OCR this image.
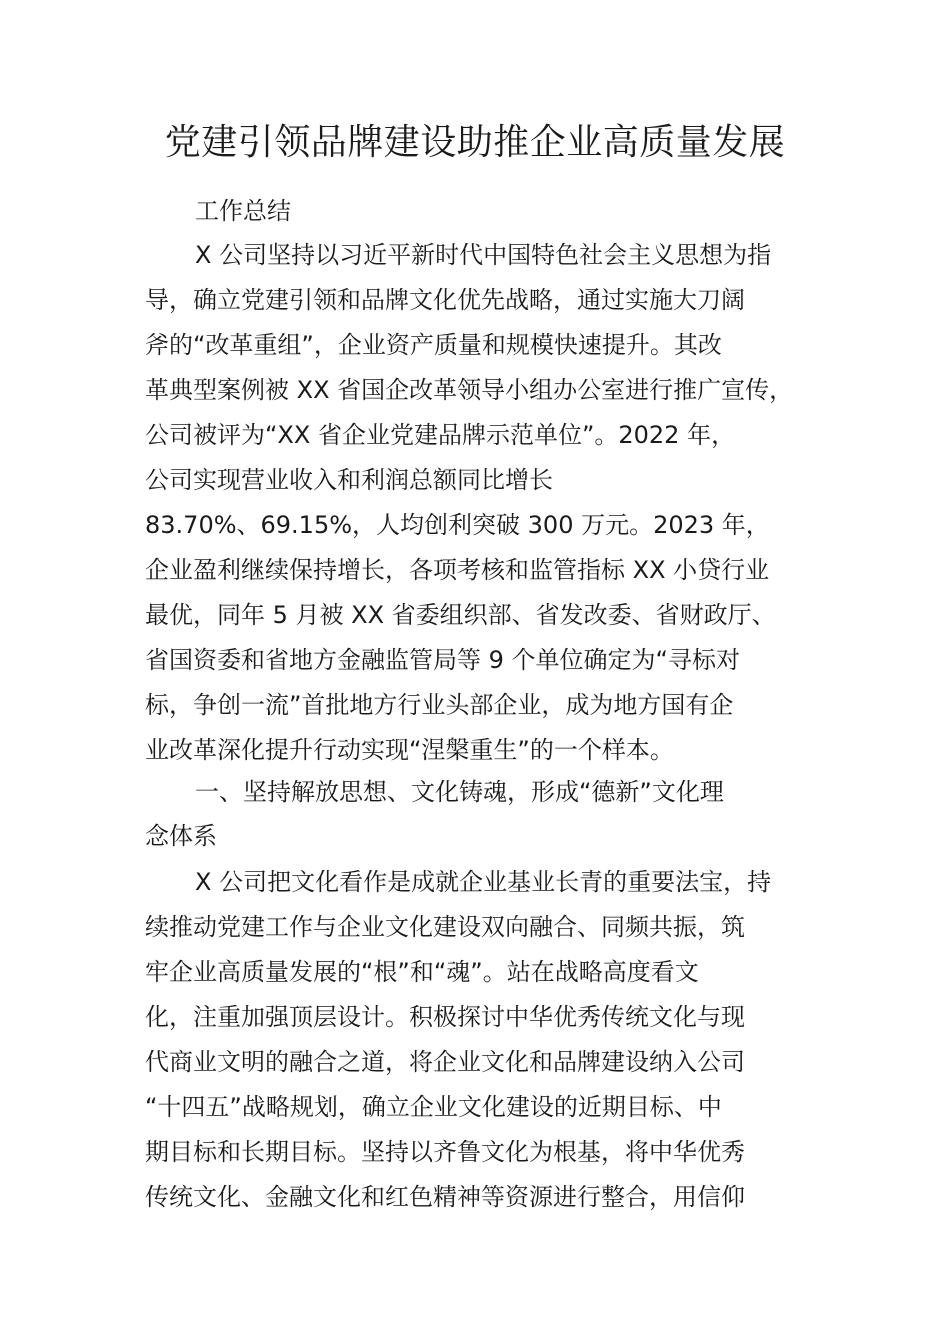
党建引领品牌建设助推企业高质量发展

工作总结

X 公司坚持以习近平新时代中国特色社会主义思想为指

导，确立党建引领和品牌文化优先战略，通过实施大刀阔

斧的“改革重组”，企业资产质量和规模快速提升。其改

革典型案例被 XX 省国企改革领导小组办公室进行推广宣传，

公司被评为“XX 省企业党建品牌示范单位”。2022 年，

公司实现营业收入和利润总额同比增长

83.70%、69.15%，人均创利突破 300 万元。2023 年，

企业盈利继续保持增长，各项考核和监管指标 XX 小贷行业

最优，同年 5 月被 XX 省委组织部、省发改委、省财政厅、

省国资委和省地方金融监管局等 9 个单位确定为“寻标对

标，争创一流”首批地方行业头部企业，成为地方国有企

业改革深化提升行动实现“涅槃重生”的一个样本。

一、坚持解放思想、文化铸魂，形成“德新”文化理

念体系

X 公司把文化看作是成就企业基业长青的重要法宝，持

续推动党建工作与企业文化建设双向融合、同频共振，筑

牢企业高质量发展的“根”和“魂”。站在战略高度看文

化，注重加强顶层设计。积极探讨中华优秀传统文化与现

代商业文明的融合之道，将企业文化和品牌建设纳入公司

“十四五”战略规划，确立企业文化建设的近期目标、中

期目标和长期目标。坚持以齐鲁文化为根基，将中华优秀

传统文化、金融文化和红色精神等资源进行整合，用信仰
